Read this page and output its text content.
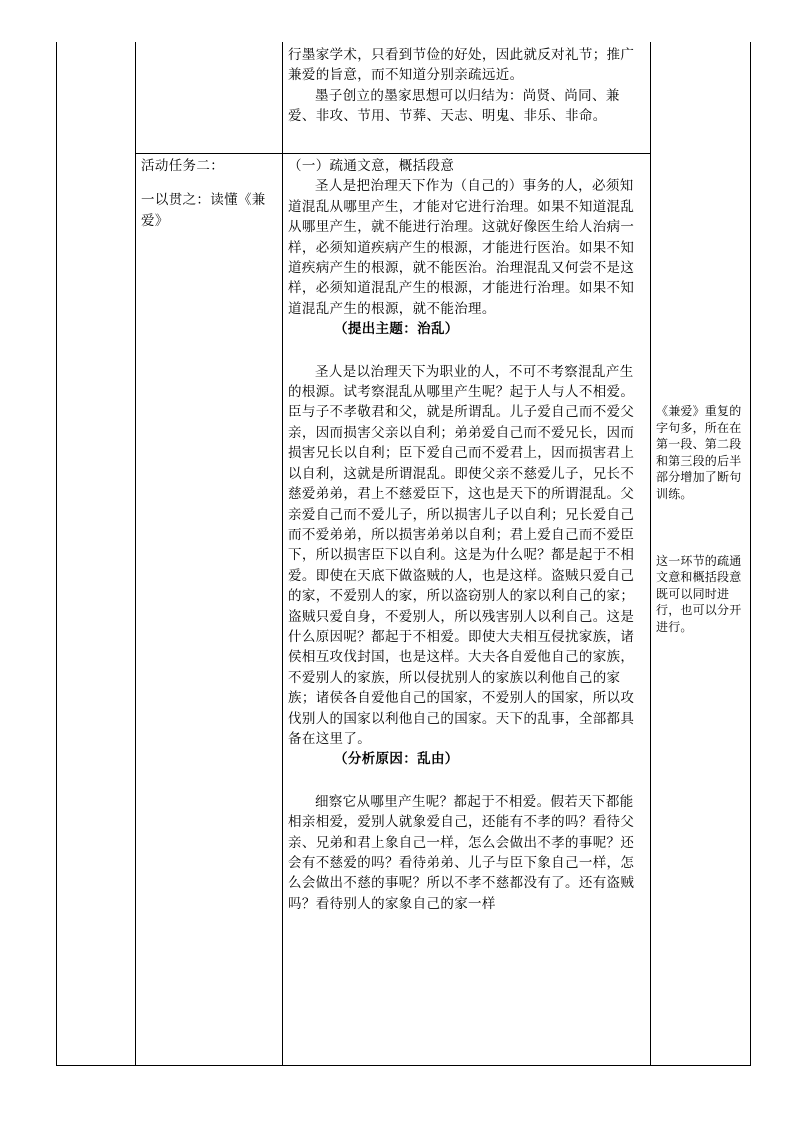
行墨家学术，只看到节俭的好处，因此就反对礼节；推广兼爱的旨意，而不知道分别亲疏远近。

墨子创立的墨家思想可以归结为：尚贤、尚同、兼爱、非攻、节用、节葬、天志、明鬼、非乐、非命。

活动任务二：

一以贯之：读懂《兼爱》

（一）疏通文意，概括段意

圣人是把治理天下作为（自己的）事务的人，必须知道混乱从哪里产生，才能对它进行治理。如果不知道混乱从哪里产生，就不能进行治理。这就好像医生给人治病一样，必须知道疾病产生的根源，才能进行医治。如果不知道疾病产生的根源，就不能医治。治理混乱又何尝不是这样，必须知道混乱产生的根源，才能进行治理。如果不知道混乱产生的根源，就不能治理。

（提出主题：治乱）

圣人是以治理天下为职业的人，不可不考察混乱产生的根源。试考察混乱从哪里产生呢？起于人与人不相爱。臣与子不孝敬君和父，就是所谓乱。儿子爱自己而不爱父亲，因而损害父亲以自利；弟弟爱自己而不爱兄长，因而损害兄长以自利；臣下爱自己而不爱君上，因而损害君上以自利，这就是所谓混乱。即使父亲不慈爱儿子，兄长不慈爱弟弟，君上不慈爱臣下，这也是天下的所谓混乱。父亲爱自己而不爱儿子，所以损害儿子以自利；兄长爱自己而不爱弟弟，所以损害弟弟以自利；君上爱自己而不爱臣下，所以损害臣下以自利。这是为什么呢？都是起于不相爱。即使在天底下做盗贼的人，也是这样。盗贼只爱自己的家，不爱别人的家，所以盗窃别人的家以利自己的家；盗贼只爱自身，不爱别人，所以残害别人以利自己。这是什么原因呢？都起于不相爱。即使大夫相互侵扰家族，诸侯相互攻伐封国，也是这样。大夫各自爱他自己的家族，不爱别人的家族，所以侵扰别人的家族以利他自己的家族；诸侯各自爱他自己的国家，不爱别人的国家，所以攻伐别人的国家以利他自己的国家。天下的乱事，全部都具备在这里了。

（分析原因：乱由）

细察它从哪里产生呢？都起于不相爱。假若天下都能相亲相爱，爱别人就象爱自己，还能有不孝的吗？看待父亲、兄弟和君上象自己一样，怎么会做出不孝的事呢？还会有不慈爱的吗？看待弟弟、儿子与臣下象自己一样，怎么会做出不慈的事呢？所以不孝不慈都没有了。还有盗贼吗？看待别人的家象自己的家一样

《兼爱》重复的字句多，所在在第一段、第二段和第三段的后半部分增加了断句训练。

这一环节的疏通文意和概括段意既可以同时进行，也可以分开进行。
